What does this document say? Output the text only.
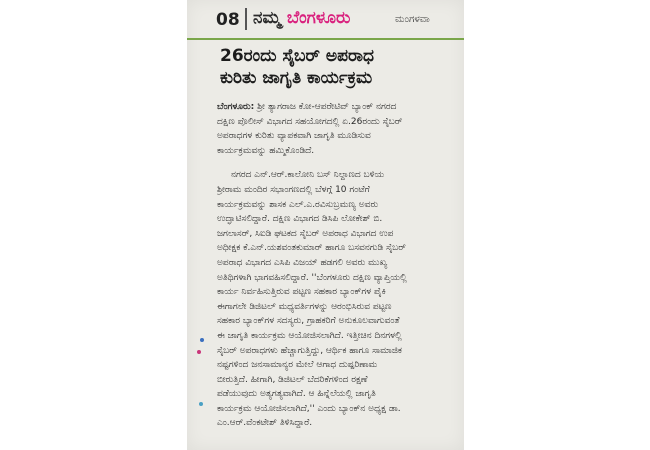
08 ನಮ್ಮ ಬೆಂಗಳೂರು	ಮಂಗಳವಾ
26ರಂದು ಸೈಬರ್ ಅಪರಾಧ
ಕುರಿತು ಜಾಗೃತಿ ಕಾರ್ಯಕ್ರಮ
ಬೆಂಗಳೂರು: ಶ್ರೀ ತ್ಯಾಗರಾಜ ಕೋ-ಆಪರೇಟಿವ್ ಬ್ಯಾಂಕ್ ನಗರದ
ದಕ್ಷಿಣ ಪೊಲೀಸ್ ವಿಭಾಗದ ಸಹಯೋಗದಲ್ಲಿ ಏ.26ರಂದು ಸೈಬರ್
ಅಪರಾಧಗಳ ಕುರಿತು ವ್ಯಾಪಕವಾಗಿ ಜಾಗೃತಿ ಮೂಡಿಸುವ
ಕಾರ್ಯಕ್ರಮವನ್ನು ಹಮ್ಮಿಕೊಂಡಿದೆ.
ನಗರದ ಎನ್.ಆರ್.ಕಾಲೋನಿ ಬಸ್ ನಿಲ್ದಾಣದ ಬಳಿಯ
ಶ್ರೀರಾಮ ಮಂದಿರ ಸಭಾಂಗಣದಲ್ಲಿ ಬೆಳಗ್ಗೆ 10 ಗಂಟೆಗೆ
ಕಾರ್ಯಕ್ರಮವನ್ನು ಶಾಸಕ ಎಲ್.ಎ.ರವಿಸುಬ್ರಮಣ್ಯ ಅವರು
ಉದ್ಘಾಟಿಸಲಿದ್ದಾರೆ. ದಕ್ಷಿಣ ವಿಭಾಗದ ಡಿಸಿಪಿ ಲೋಕೇಶ್ ಬಿ.
ಜಗಲಾಸರ್, ಸಿಐಡಿ ಘಟಕದ ಸೈಬರ್ ಅಪರಾಧ ವಿಭಾಗದ ಉಪ
ಅಧೀಕ್ಷಕ ಕೆ.ಎನ್.ಯಶವಂತಕುಮಾರ್ ಹಾಗೂ ಬಸವನಗುಡಿ ಸೈಬರ್
ಅಪರಾಧ ವಿಭಾಗದ ಎಸಿಪಿ ವಿಜಯ್ ಹಡಗಲಿ ಅವರು ಮುಖ್ಯ
ಅತಿಥಿಗಳಾಗಿ ಭಾಗವಹಿಸಲಿದ್ದಾರೆ. ''ಬೆಂಗಳೂರು ದಕ್ಷಿಣ ವ್ಯಾಪ್ತಿಯಲ್ಲಿ
ಕಾರ್ಯ ನಿರ್ವಹಿಸುತ್ತಿರುವ ಪಟ್ಟಣ ಸಹಕಾರ ಬ್ಯಾಂಕ್‌ಗಳ ಪೈಕಿ
ಈಗಾಗಲೇ ಡಿಜಿಟಲ್ ಮಧ್ಯವರ್ತಿಗಳನ್ನು ಆರಂಭಿಸಿರುವ ಪಟ್ಟಣ
ಸಹಕಾರ ಬ್ಯಾಂಕ್‌ಗಳ ಸದಸ್ಯರು, ಗ್ರಾಹಕರಿಗೆ ಅನುಕೂಲವಾಗುವಂತೆ
ಈ ಜಾಗೃತಿ ಕಾರ್ಯಕ್ರಮ ಆಯೋಜಿಸಲಾಗಿದೆ. ಇತ್ತೀಚಿನ ದಿನಗಳಲ್ಲಿ
ಸೈಬರ್ ಅಪರಾಧಗಳು ಹೆಚ್ಚಾಗುತ್ತಿದ್ದು, ಆರ್ಥಿಕ ಹಾಗೂ ಸಾಮಾಜಿಕ
ನಷ್ಟಗಳಿಂದ ಜನಸಾಮಾನ್ಯರ ಮೇಲೆ ಆಗಾಧ ದುಷ್ಪರಿಣಾಮ
ಬೀರುತ್ತಿದೆ. ಹೀಗಾಗಿ, ಡಿಜಿಟಲ್ ಬೆದರಿಕೆಗಳಿಂದ ರಕ್ಷಣೆ
ಪಡೆಯುವುದು ಅತ್ಯಗತ್ಯವಾಗಿದೆ. ಆ ಹಿನ್ನೆಲೆಯಲ್ಲಿ ಜಾಗೃತಿ
ಕಾರ್ಯಕ್ರಮ ಆಯೋಜಿಸಲಾಗಿದೆ,'' ಎಂದು ಬ್ಯಾಂಕ್‌ನ ಅಧ್ಯಕ್ಷ ಡಾ.
ಎಂ.ಆರ್.ವೆಂಕಟೇಶ್ ತಿಳಿಸಿದ್ದಾರೆ.
